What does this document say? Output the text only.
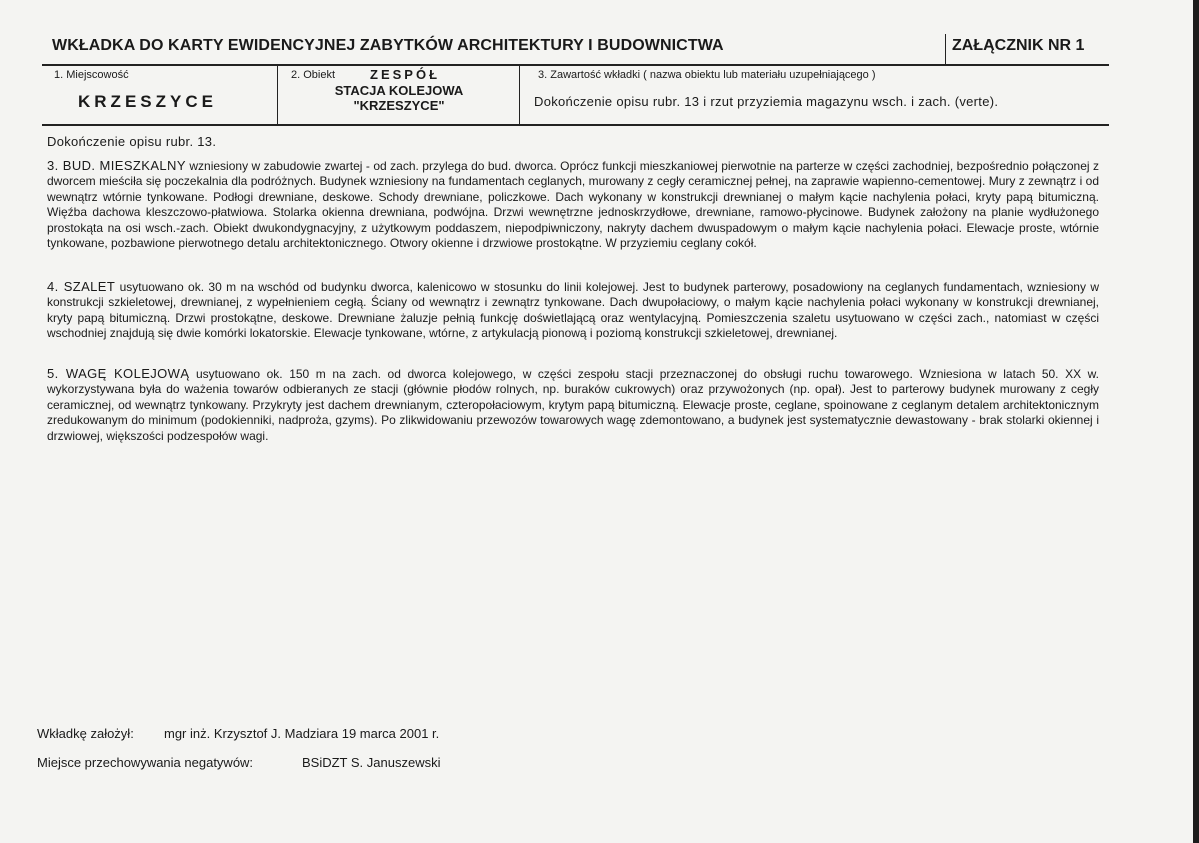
WKŁADKA DO KARTY EWIDENCYJNEJ ZABYTKÓW ARCHITEKTURY I BUDOWNICTWA	ZAŁĄCZNIK NR 1
1. Miejscowość
KRZESZYCE
2. Obiekt	ZESPÓŁ
STACJA KOLEJOWA
"KRZESZYCE"
3. Zawartość wkładki ( nazwa obiektu lub materiału uzupełniającego )
Dokończenie opisu rubr. 13 i rzut przyziemia magazynu wsch. i zach. (verte).
Dokończenie opisu rubr. 13.
3. BUD. MIESZKALNY wzniesiony w zabudowie zwartej - od zach. przylega do bud. dworca. Oprócz funkcji mieszkaniowej pierwotnie na parterze w części zachodniej, bezpośrednio połączonej z dworcem mieściła się poczekalnia dla podróżnych. Budynek wzniesiony na fundamentach ceglanych, murowany z cegły ceramicznej pełnej, na zaprawie wapienno-cementowej. Mury z zewnątrz i od wewnątrz wtórnie tynkowane. Podłogi drewniane, deskowe. Schody drewniane, policzkowe. Dach wykonany w konstrukcji drewnianej o małym kącie nachylenia połaci, kryty papą bitumiczną. Więźba dachowa kleszczowo-płatwiowa. Stolarka okienna drewniana, podwójna. Drzwi wewnętrzne jednoskrzydłowe, drewniane, ramowo-płycinowe. Budynek założony na planie wydłużonego prostokąta na osi wsch.-zach. Obiekt dwukondygnacyjny, z użytkowym poddaszem, niepodpiwniczony, nakryty dachem dwuspadowym o małym kącie nachylenia połaci. Elewacje proste, wtórnie tynkowane, pozbawione pierwotnego detalu architektonicznego. Otwory okienne i drzwiowe prostokątne. W przyziemiu ceglany cokół.
4. SZALET usytuowano ok. 30 m na wschód od budynku dworca, kalenicowo w stosunku do linii kolejowej. Jest to budynek parterowy, posadowiony na ceglanych fundamentach, wzniesiony w konstrukcji szkieletowej, drewnianej, z wypełnieniem cegłą. Ściany od wewnątrz i zewnątrz tynkowane. Dach dwupołaciowy, o małym kącie nachylenia połaci wykonany w konstrukcji drewnianej, kryty papą bitumiczną. Drzwi prostokątne, deskowe. Drewniane żaluzje pełnią funkcję doświetlającą oraz wentylacyjną. Pomieszczenia szaletu usytuowano w części zach., natomiast w części wschodniej znajdują się dwie komórki lokatorskie. Elewacje tynkowane, wtórne, z artykulacją pionową i poziomą konstrukcji szkieletowej, drewnianej.
5. WAGĘ KOLEJOWĄ usytuowano ok. 150 m na zach. od dworca kolejowego, w części zespołu stacji przeznaczonej do obsługi ruchu towarowego. Wzniesiona w latach 50. XX w. wykorzystywana była do ważenia towarów odbieranych ze stacji (głównie płodów rolnych, np. buraków cukrowych) oraz przywożonych (np. opał). Jest to parterowy budynek murowany z cegły ceramicznej, od wewnątrz tynkowany. Przykryty jest dachem drewnianym, czteropołaciowym, krytym papą bitumiczną. Elewacje proste, ceglane, spoinowane z ceglanym detalem architektonicznym zredukowanym do minimum (podokienniki, nadproża, gzyms). Po zlikwidowaniu przewozów towarowych wagę zdemontowano, a budynek jest systematycznie dewastowany - brak stolarki okiennej i drzwiowej, większości podzespołów wagi.
Wkładkę założył: mgr inż. Krzysztof J. Madziara 19 marca 2001 r.
Miejsce przechowywania negatywów:	BSiDZT S. Januszewski
